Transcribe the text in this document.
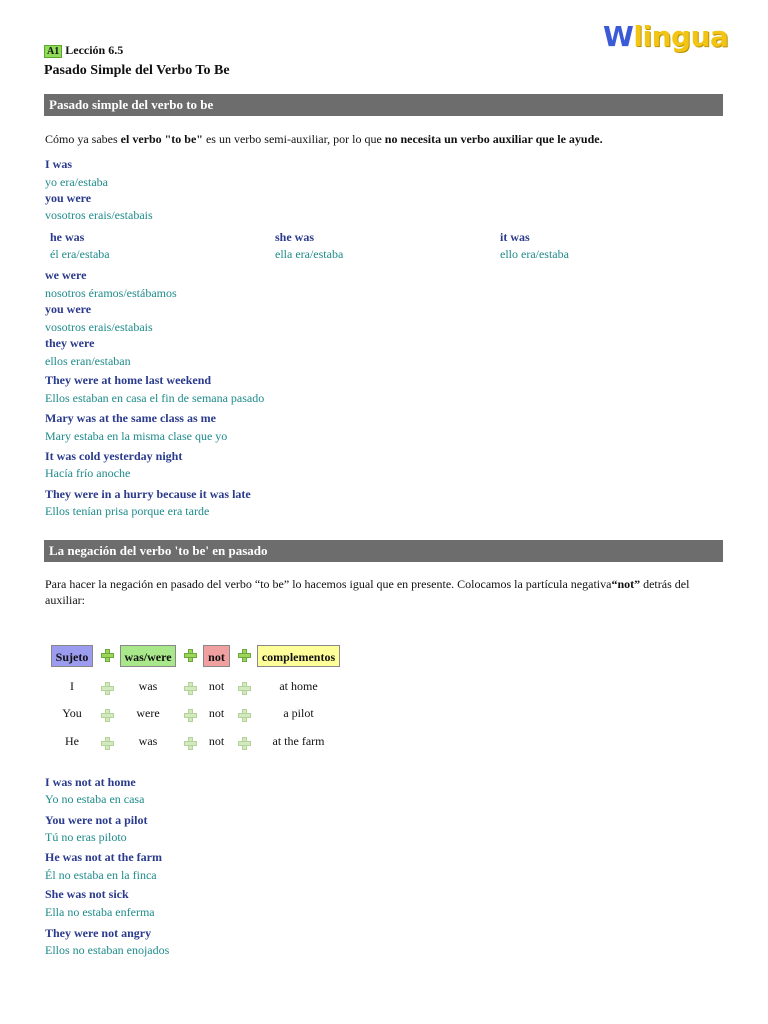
Wlingua
A1 Lección 6.5
Pasado Simple del Verbo To Be
Pasado simple del verbo to be
Cómo ya sabes el verbo "to be" es un verbo semi-auxiliar, por lo que no necesita un verbo auxiliar que le ayude.
I was
yo era/estaba
you were
vosotros erais/estabais
he was
él era/estaba
she was
ella era/estaba
it was
ello era/estaba
we were
nosotros éramos/estábamos
you were
vosotros erais/estabais
they were
ellos eran/estaban
They were at home last weekend
Ellos estaban en casa el fin de semana pasado
Mary was at the same class as me
Mary estaba en la misma clase que yo
It was cold yesterday night
Hacía frío anoche
They were in a hurry because it was late
Ellos tenían prisa porque era tarde
La negación del verbo 'to be' en pasado
Para hacer la negación en pasado del verbo “to be” lo hacemos igual que en presente. Colocamos la partícula negativa“not” detrás del auxiliar:
Sujeto	was/were	not	complementos
I	was	not	at home
You	were	not	a pilot
He	was	not	at the farm
I was not at home
Yo no estaba en casa
You were not a pilot
Tú no eras piloto
He was not at the farm
Él no estaba en la finca
She was not sick
Ella no estaba enferma
They were not angry
Ellos no estaban enojados
